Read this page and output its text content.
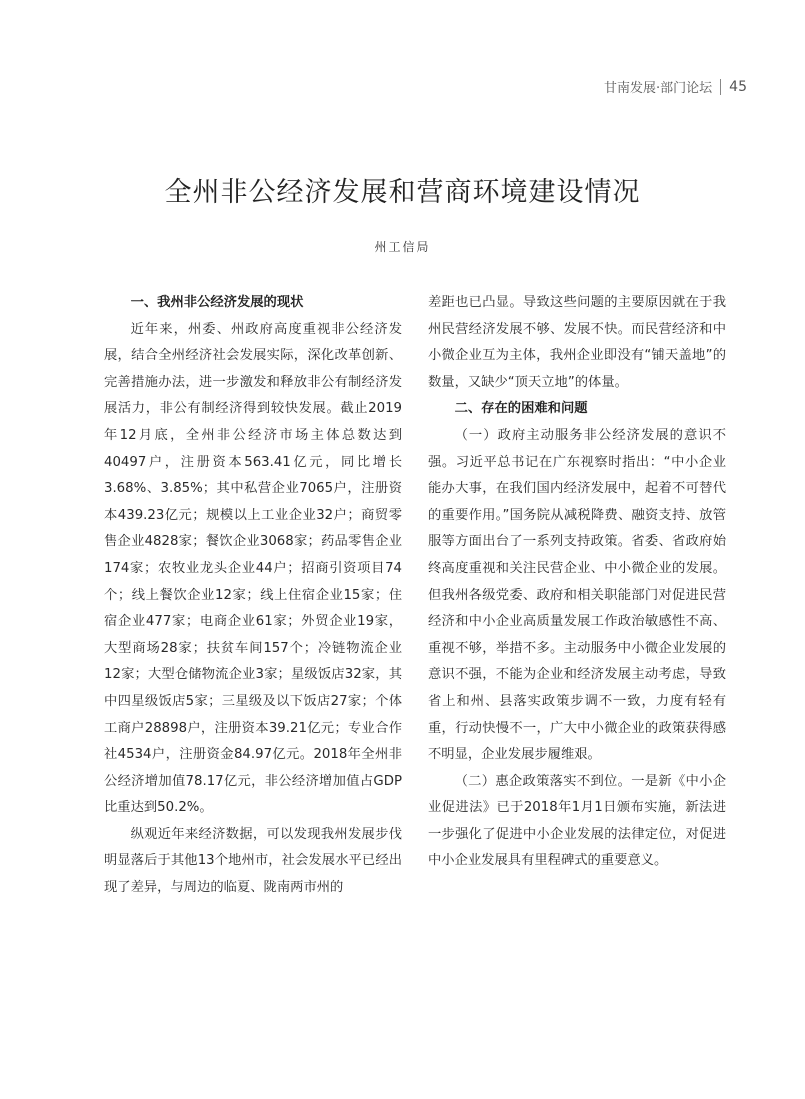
甘南发展·部门论坛 45
全州非公经济发展和营商环境建设情况
州工信局
一、我州非公经济发展的现状

近年来，州委、州政府高度重视非公经济发展，结合全州经济社会发展实际，深化改革创新、完善措施办法，进一步激发和释放非公有制经济发展活力，非公有制经济得到较快发展。截止2019年12月底，全州非公经济市场主体总数达到40497户，注册资本563.41亿元，同比增长3.68%、3.85%；其中私营企业7065户，注册资本439.23亿元；规模以上工业企业32户；商贸零售企业4828家；餐饮企业3068家；药品零售企业174家；农牧业龙头企业44户；招商引资项目74个；线上餐饮企业12家；线上住宿企业15家；住宿企业477家；电商企业61家；外贸企业19家，大型商场28家；扶贫车间157个；冷链物流企业12家；大型仓储物流企业3家；星级饭店32家，其中四星级饭店5家；三星级及以下饭店27家；个体工商户28898户，注册资本39.21亿元；专业合作社4534户，注册资金84.97亿元。2018年全州非公经济增加值78.17亿元，非公经济增加值占GDP比重达到50.2%。

纵观近年来经济数据，可以发现我州发展步伐明显落后于其他13个地州市，社会发展水平已经出现了差异，与周边的临夏、陇南两市州的

差距也已凸显。导致这些问题的主要原因就在于我州民营经济发展不够、发展不快。而民营经济和中小微企业互为主体，我州企业即没有“铺天盖地”的数量，又缺少“顶天立地”的体量。

二、存在的困难和问题

（一）政府主动服务非公经济发展的意识不强。习近平总书记在广东视察时指出：“中小企业能办大事，在我们国内经济发展中，起着不可替代的重要作用。”国务院从减税降费、融资支持、放管服等方面出台了一系列支持政策。省委、省政府始终高度重视和关注民营企业、中小微企业的发展。但我州各级党委、政府和相关职能部门对促进民营经济和中小企业高质量发展工作政治敏感性不高、重视不够，举措不多。主动服务中小微企业发展的意识不强，不能为企业和经济发展主动考虑，导致省上和州、县落实政策步调不一致，力度有轻有重，行动快慢不一，广大中小微企业的政策获得感不明显，企业发展步履维艰。

（二）惠企政策落实不到位。一是新《中小企业促进法》已于2018年1月1日颁布实施，新法进一步强化了促进中小企业发展的法律定位，对促进中小企业发展具有里程碑式的重要意义。
